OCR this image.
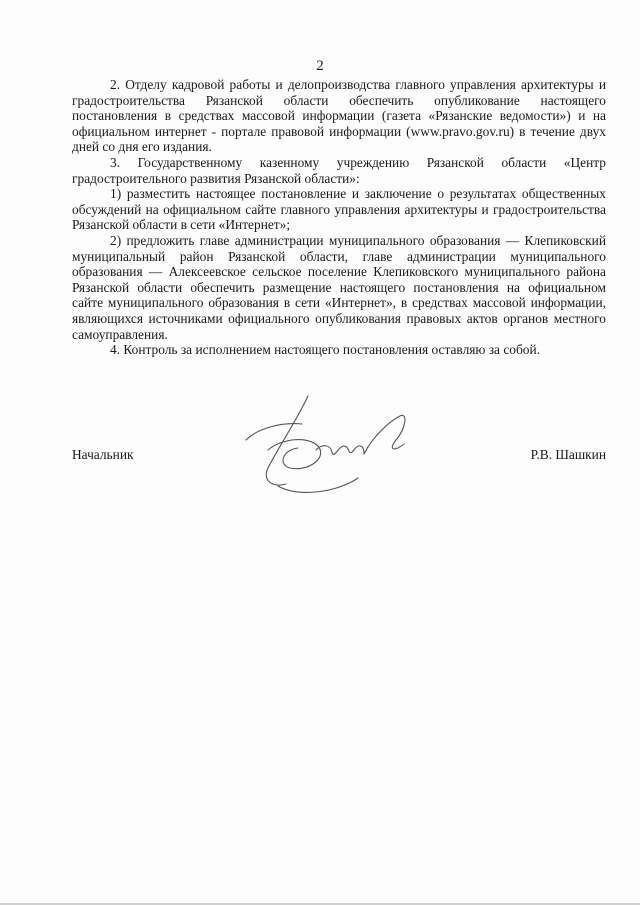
2

2. Отделу кадровой работы и делопроизводства главного управления архитектуры и градостроительства Рязанской области обеспечить опубликование настоящего постановления в средствах массовой информации (газета «Рязанские ведомости») и на официальном интернет - портале правовой информации (www.pravo.gov.ru) в течение двух дней со дня его издания.

3. Государственному казенному учреждению Рязанской области «Центр градостроительного развития Рязанской области»:

1) разместить настоящее постановление и заключение о результатах общественных обсуждений на официальном сайте главного управления архитектуры и градостроительства Рязанской области в сети «Интернет»;

2) предложить главе администрации муниципального образования — Клепиковский муниципальный район Рязанской области, главе администрации муниципального образования — Алексеевское сельское поселение Клепиковского муниципального района Рязанской области обеспечить размещение настоящего постановления на официальном сайте муниципального образования в сети «Интернет», в средствах массовой информации, являющихся источниками официального опубликования правовых актов органов местного самоуправления.

4. Контроль за исполнением настоящего постановления оставляю за собой.

Начальник	Р.В. Шашкин
